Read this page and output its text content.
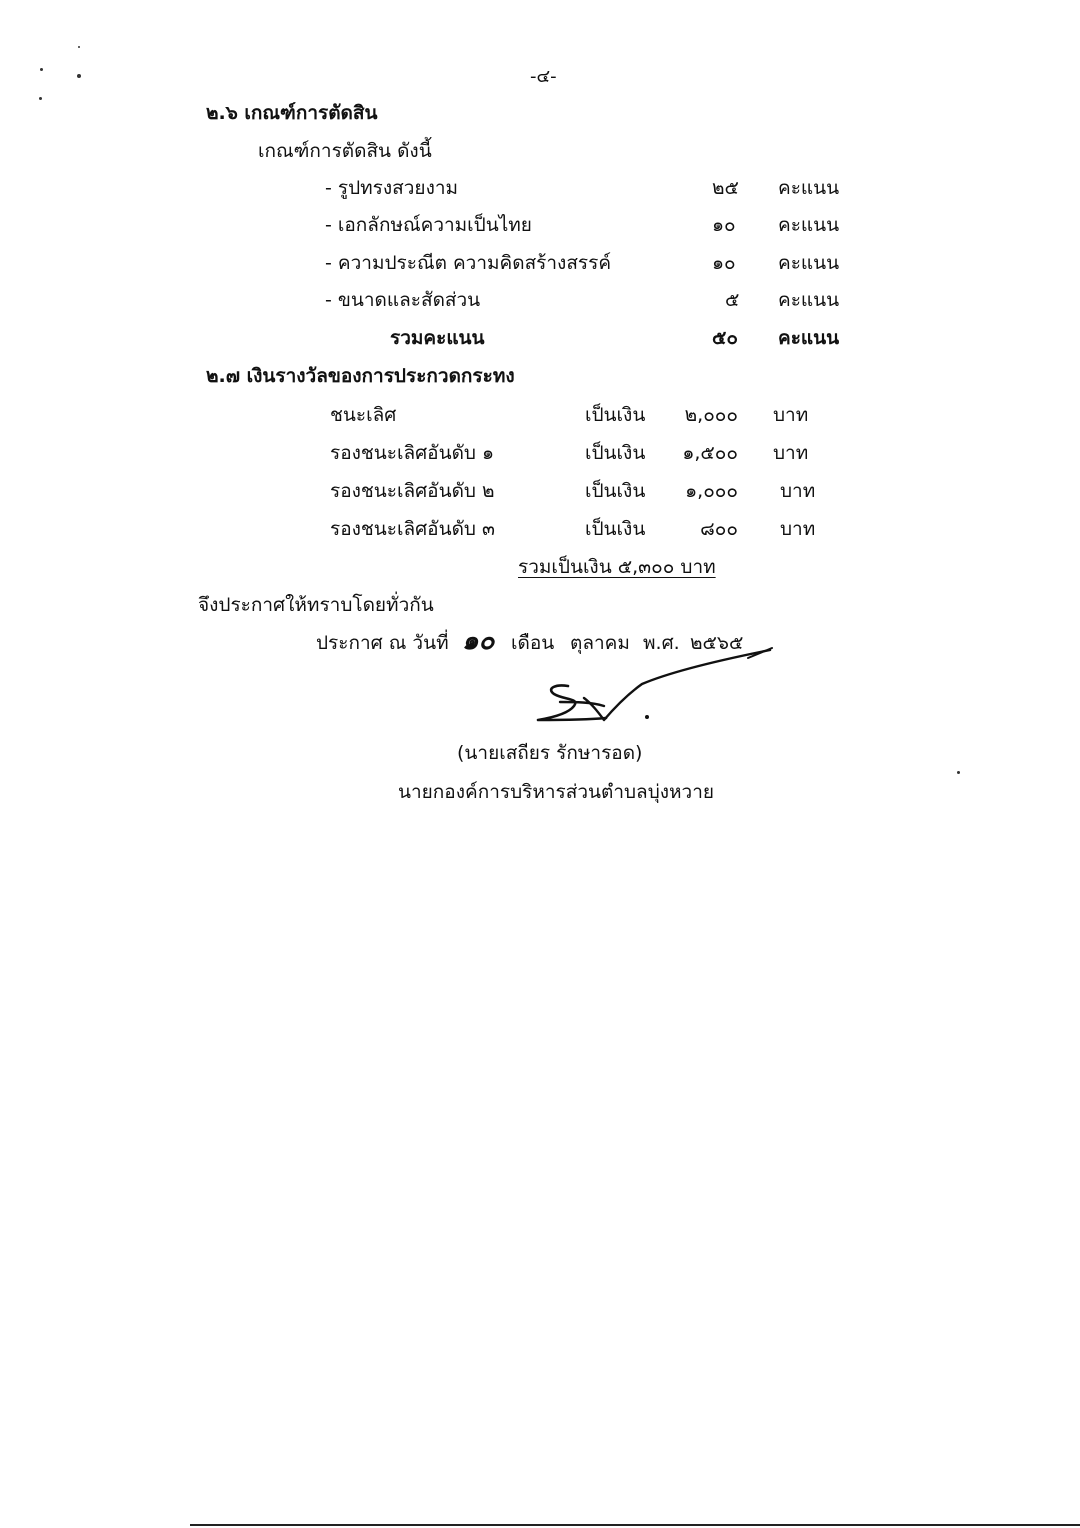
-๔-
๒.๖ เกณฑ์การตัดสิน
เกณฑ์การตัดสิน ดังนี้
- รูปทรงสวยงาม	๒๕ คะแนน
- เอกลักษณ์ความเป็นไทย	๑๐ คะแนน
- ความประณีต ความคิดสร้างสรรค์	๑๐ คะแนน
- ขนาดและสัดส่วน	๕ คะแนน
รวมคะแนน	๕๐ คะแนน
๒.๗ เงินรางวัลของการประกวดกระทง
ชนะเลิศ	เป็นเงิน	๒,๐๐๐ บาท
รองชนะเลิศอันดับ ๑	เป็นเงิน	๑,๕๐๐ บาท
รองชนะเลิศอันดับ ๒	เป็นเงิน	๑,๐๐๐ บาท
รองชนะเลิศอันดับ ๓	เป็นเงิน	๘๐๐ บาท
รวมเป็นเงิน ๕,๓๐๐ บาท
จึงประกาศให้ทราบโดยทั่วกัน
ประกาศ ณ วันที่ ๑๐ เดือน ตุลาคม พ.ศ. ๒๕๖๕
(นายเสถียร รักษารอด)
นายกองค์การบริหารส่วนตำบลบุ่งหวาย
